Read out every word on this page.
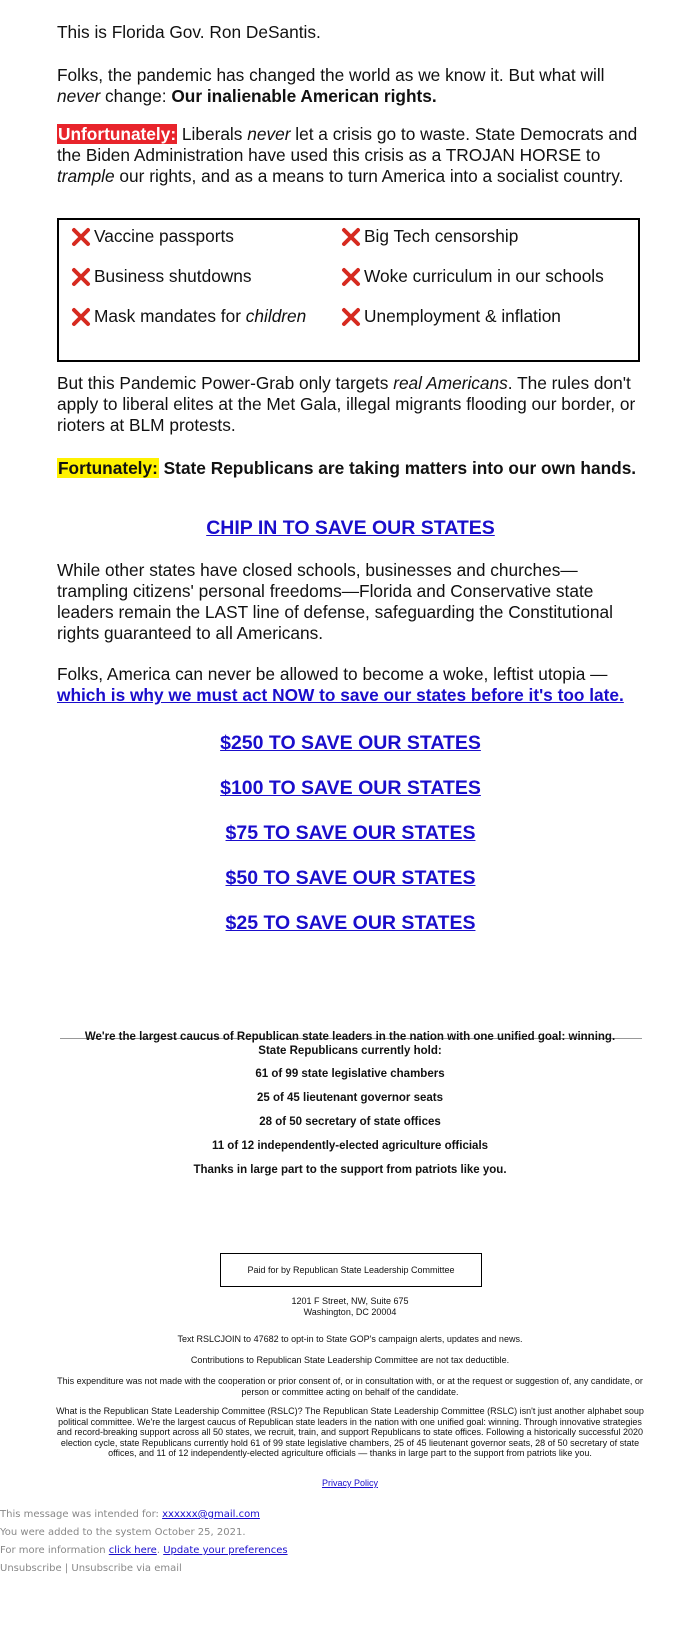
This is Florida Gov. Ron DeSantis.

Folks, the pandemic has changed the world as we know it. But what will never change: Our inalienable American rights.

Unfortunately: Liberals never let a crisis go to waste. State Democrats and the Biden Administration have used this crisis as a TROJAN HORSE to trample our rights, and as a means to turn America into a socialist country.

Vaccine passports	Big Tech censorship
Business shutdowns	Woke curriculum in our schools
Mask mandates for children	Unemployment & inflation

But this Pandemic Power-Grab only targets real Americans. The rules don't apply to liberal elites at the Met Gala, illegal migrants flooding our border, or rioters at BLM protests.

Fortunately: State Republicans are taking matters into our own hands.

CHIP IN TO SAVE OUR STATES

While other states have closed schools, businesses and churches—trampling citizens' personal freedoms—Florida and Conservative state leaders remain the LAST line of defense, safeguarding the Constitutional rights guaranteed to all Americans.

Folks, America can never be allowed to become a woke, leftist utopia — which is why we must act NOW to save our states before it's too late.

$250 TO SAVE OUR STATES
$100 TO SAVE OUR STATES
$75 TO SAVE OUR STATES
$50 TO SAVE OUR STATES
$25 TO SAVE OUR STATES
We're the largest caucus of Republican state leaders in the nation with one unified goal: winning.
State Republicans currently hold:
61 of 99 state legislative chambers
25 of 45 lieutenant governor seats
28 of 50 secretary of state offices
11 of 12 independently-elected agriculture officials
Thanks in large part to the support from patriots like you.
Paid for by Republican State Leadership Committee
1201 F Street, NW, Suite 675
Washington, DC 20004
Text RSLCJOIN to 47682 to opt-in to State GOP's campaign alerts, updates and news.
Contributions to Republican State Leadership Committee are not tax deductible.
This expenditure was not made with the cooperation or prior consent of, or in consultation with, or at the request or suggestion of, any candidate, or person or committee acting on behalf of the candidate.
What is the Republican State Leadership Committee (RSLC)? The Republican State Leadership Committee (RSLC) isn't just another alphabet soup political committee. We're the largest caucus of Republican state leaders in the nation with one unified goal: winning. Through innovative strategies and record-breaking support across all 50 states, we recruit, train, and support Republicans to state offices. Following a historically successful 2020 election cycle, state Republicans currently hold 61 of 99 state legislative chambers, 25 of 45 lieutenant governor seats, 28 of 50 secretary of state offices, and 11 of 12 independently-elected agriculture officials — thanks in large part to the support from patriots like you.
Privacy Policy
This message was intended for: xxxxxx@gmail.com
You were added to the system October 25, 2021.
For more information click here. Update your preferences
Unsubscribe | Unsubscribe via email
